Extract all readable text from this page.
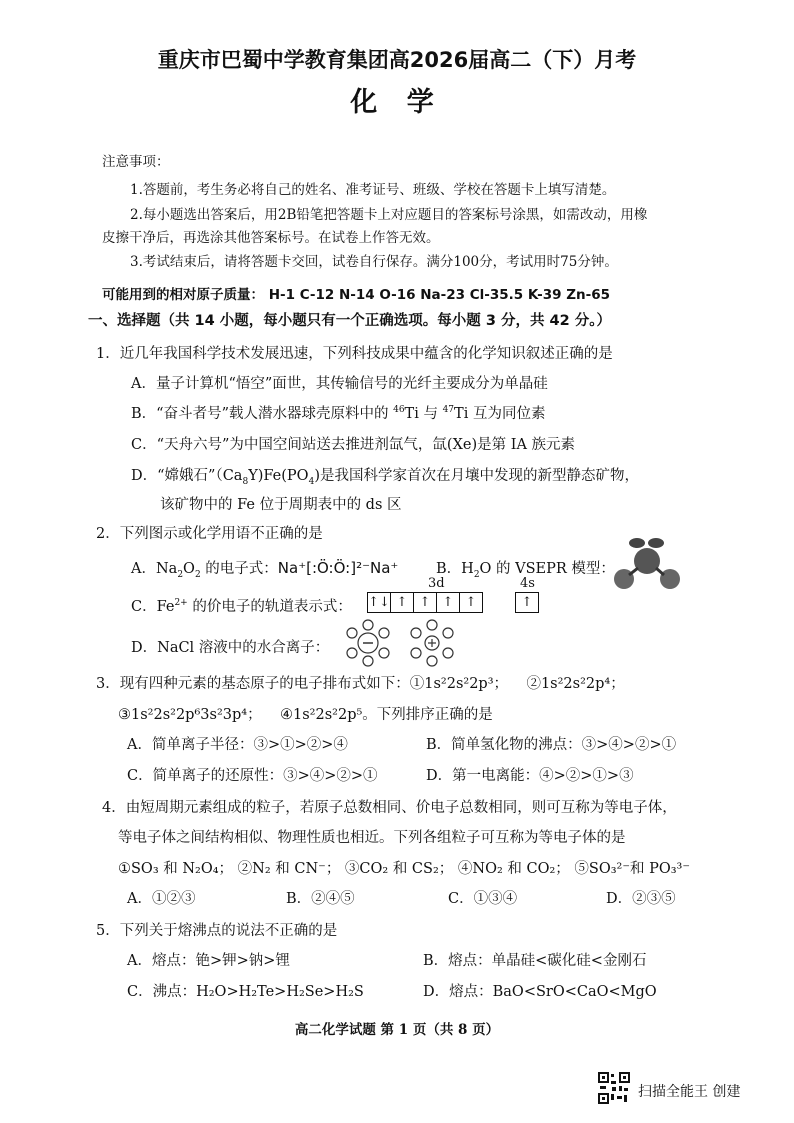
重庆市巴蜀中学教育集团高2026届高二（下）月考
化 学
注意事项：
1.答题前，考生务必将自己的姓名、准考证号、班级、学校在答题卡上填写清楚。
2.每小题选出答案后，用2B铅笔把答题卡上对应题目的答案标号涂黑，如需改动，用橡
皮擦干净后，再选涂其他答案标号。在试卷上作答无效。
3.考试结束后，请将答题卡交回，试卷自行保存。满分100分，考试用时75分钟。
可能用到的相对原子质量： H-1 C-12 N-14 O-16 Na-23 Cl-35.5 K-39 Zn-65
一、选择题（共 14 小题，每小题只有一个正确选项。每小题 3 分，共 42 分。）
1．近几年我国科学技术发展迅速，下列科技成果中蕴含的化学知识叙述正确的是
A．量子计算机“悟空”面世，其传输信号的光纤主要成分为单晶硅
B．“奋斗者号”载人潜水器球壳原料中的 $^{46}$Ti 与 $^{47}$Ti 互为同位素
C．“天舟六号”为中国空间站送去推进剂氙气，氙(Xe)是第 IA 族元素
D．“嫦娥石$”(Ca_8Y)Fe(PO_4)$是我国科学家首次在月壤中发现的新型静态矿物，
该矿物中的 Fe 位于周期表中的 ds 区
2．下列图示或化学用语不正确的是
A．$Na_2O_2$ 的电子式：Na⁺[:Ö:Ö:]²⁻Na⁺	B．$H_2O$ 的 VSEPR 模型：
3d	4s
C．$Fe^{2+}$ 的价电子的轨道表示式： ↑↓ ↑ ↑ ↑ ↑	↑
D．NaCl 溶液中的水合离子：
3．现有四种元素的基态原子的电子排布式如下：①1s²2s²2p³； ②1s²2s²2p⁴；
③1s²2s²2p⁶3s²3p⁴； ④1s²2s²2p⁵。下列排序正确的是
A．简单离子半径：③>①>②>④	B．简单氢化物的沸点：③>④>②>①
C．简单离子的还原性：③>④>②>①	D．第一电离能：④>②>①>③
4．由短周期元素组成的粒子，若原子总数相同、价电子总数相同，则可互称为等电子体，
等电子体之间结构相似、物理性质也相近。下列各组粒子可互称为等电子体的是
①SO₃ 和 N₂O₄； ②N₂ 和 CN⁻； ③CO₂ 和 CS₂； ④NO₂ 和 CO₂； ⑤SO₃²⁻和 PO₃³⁻
A．①②③	B．②④⑤	C．①③④	D．②③⑤
5．下列关于熔沸点的说法不正确的是
A．熔点：铯>钾>钠>锂	B．熔点：单晶硅<碳化硅<金刚石
C．沸点：H₂O>H₂Te>H₂Se>H₂S	D．熔点：BaO<SrO<CaO<MgO
高二化学试题 第 1 页（共 8 页）
扫描全能王 创建
